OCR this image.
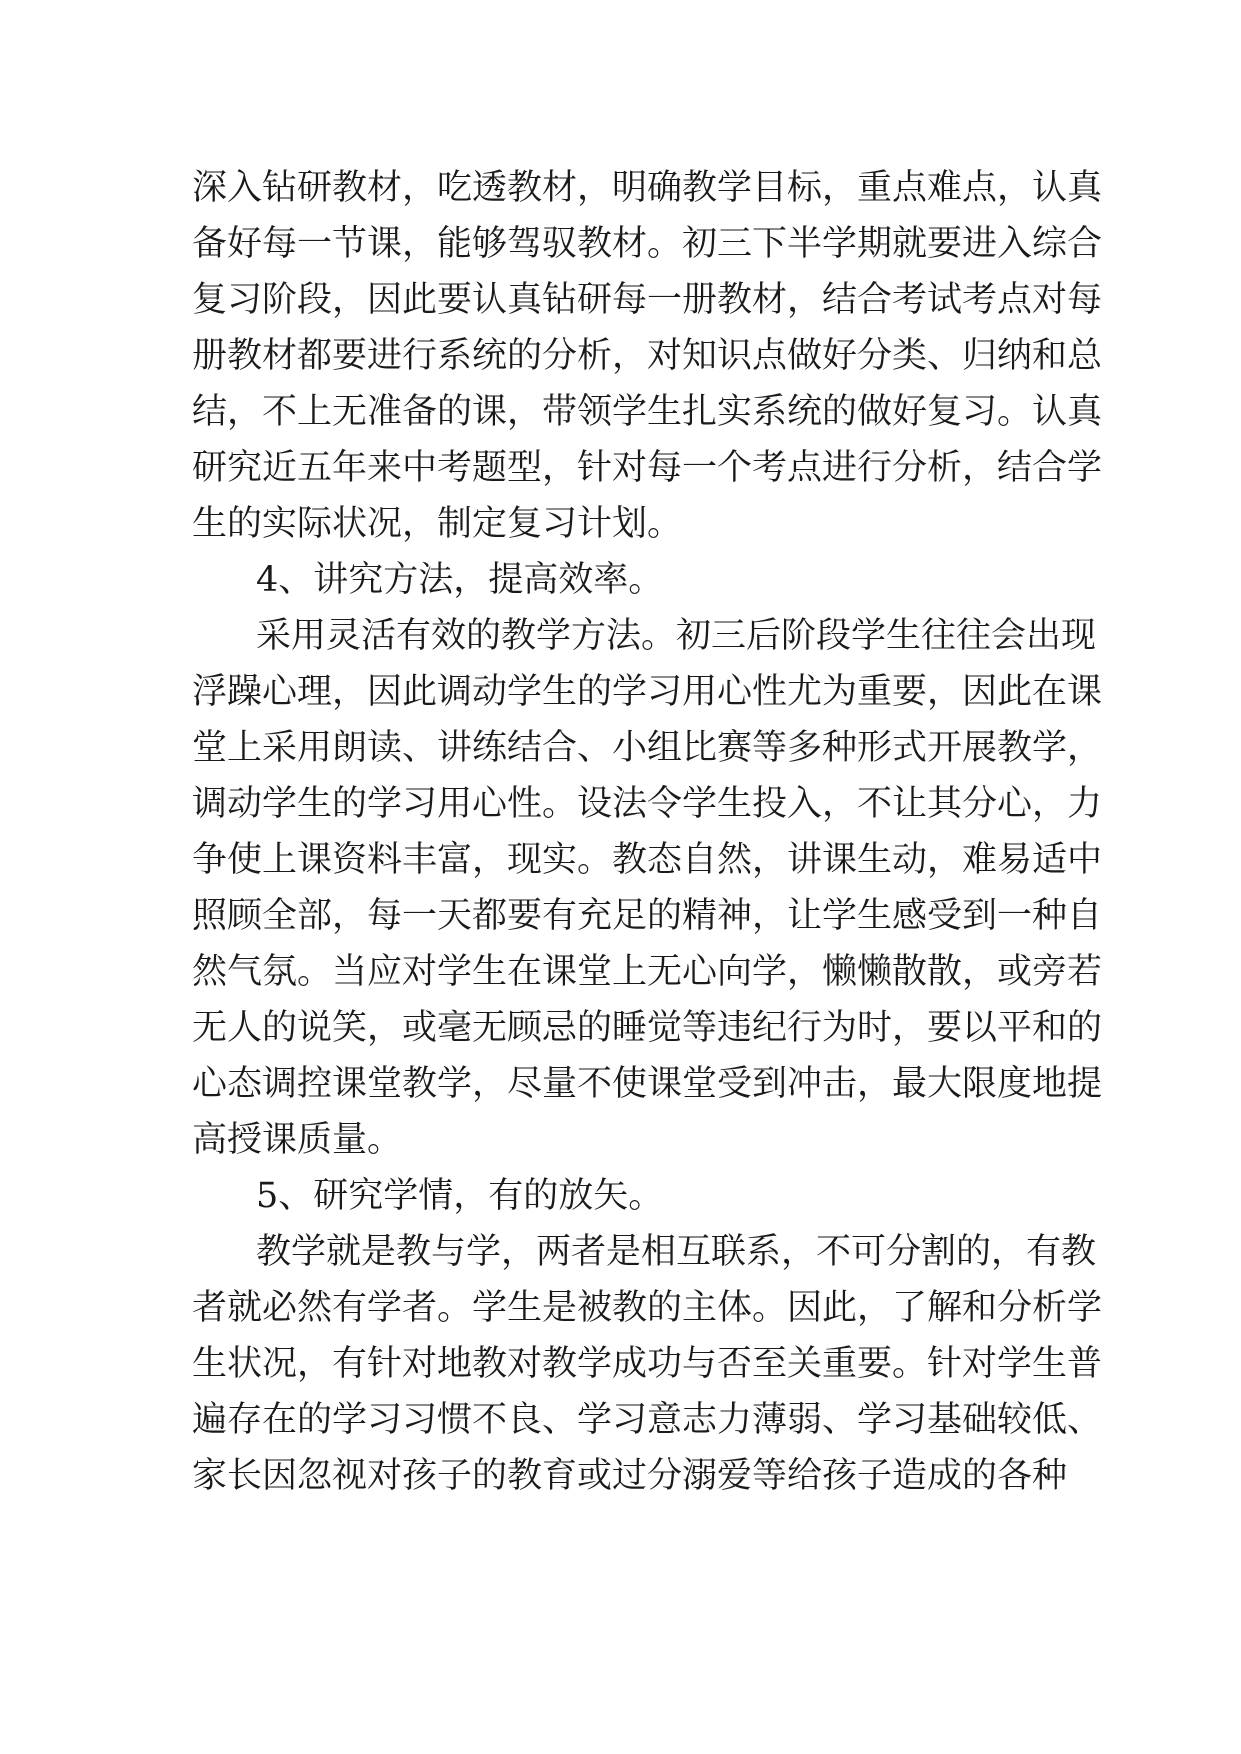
深入钻研教材，吃透教材，明确教学目标，重点难点，认真
备好每一节课，能够驾驭教材。初三下半学期就要进入综合
复习阶段，因此要认真钻研每一册教材，结合考试考点对每
册教材都要进行系统的分析，对知识点做好分类、归纳和总
结，不上无准备的课，带领学生扎实系统的做好复习。认真
研究近五年来中考题型，针对每一个考点进行分析，结合学
生的实际状况，制定复习计划。
4、讲究方法，提高效率。
采用灵活有效的教学方法。初三后阶段学生往往会出现
浮躁心理，因此调动学生的学习用心性尤为重要，因此在课
堂上采用朗读、讲练结合、小组比赛等多种形式开展教学，
调动学生的学习用心性。设法令学生投入，不让其分心，力
争使上课资料丰富，现实。教态自然，讲课生动，难易适中
照顾全部，每一天都要有充足的精神，让学生感受到一种自
然气氛。当应对学生在课堂上无心向学，懒懒散散，或旁若
无人的说笑，或毫无顾忌的睡觉等违纪行为时，要以平和的
心态调控课堂教学，尽量不使课堂受到冲击，最大限度地提
高授课质量。
5、研究学情，有的放矢。
教学就是教与学，两者是相互联系，不可分割的，有教
者就必然有学者。学生是被教的主体。因此，了解和分析学
生状况，有针对地教对教学成功与否至关重要。针对学生普
遍存在的学习习惯不良、学习意志力薄弱、学习基础较低、
家长因忽视对孩子的教育或过分溺爱等给孩子造成的各种
